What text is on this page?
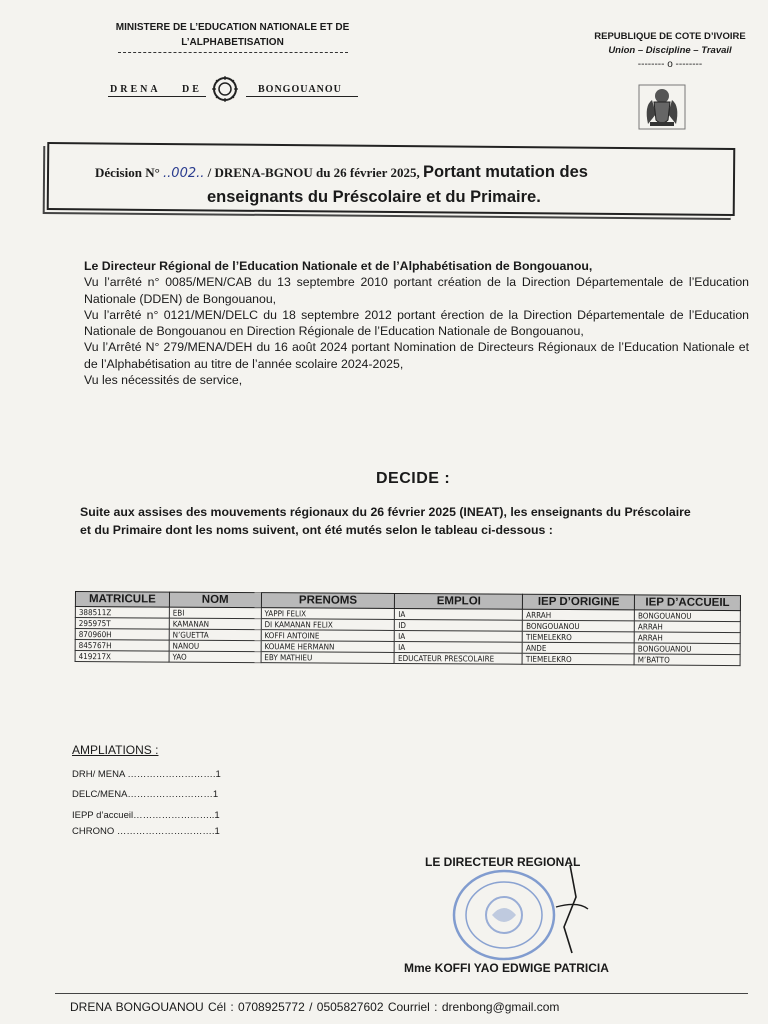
MINISTERE DE L’EDUCATION NATIONALE ET DE
L’ALPHABETISATION
DRENA DE	BONGOUANOU
REPUBLIQUE DE COTE D’IVOIRE
Union – Discipline – Travail
-------- o --------
Décision N° ..002.. / DRENA-BGNOU du 26 février 2025, Portant mutation des
enseignants du Préscolaire et du Primaire.

Le Directeur Régional de l’Education Nationale et de l’Alphabétisation de Bongouanou,

Vu l’arrêté n° 0085/MEN/CAB du 13 septembre 2010 portant création de la Direction Départementale de l’Education Nationale (DDEN) de Bongouanou,

Vu l’arrêté n° 0121/MEN/DELC du 18 septembre 2012 portant érection de la Direction Départementale de l’Education Nationale de Bongouanou en Direction Régionale de l’Education Nationale de Bongouanou,

Vu l’Arrêté N° 279/MENA/DEH du 16 août 2024 portant Nomination de Directeurs Régionaux de l’Education Nationale et de l’Alphabétisation au titre de l’année scolaire 2024-2025,

Vu les nécessités de service,

DECIDE :
Suite aux assises des mouvements régionaux du 26 février 2025 (INEAT), les enseignants du Préscolaire et du Primaire dont les noms suivent, ont été mutés selon le tableau ci-dessous :
MATRICULE	NOM	PRENOMS	EMPLOI	IEP D’ORIGINE	IEP D’ACCUEIL
388511Z	EBI	YAPPI FELIX	IA	ARRAH	BONGOUANOU
295975T	KAMANAN	DI KAMANAN FELIX	ID	BONGOUANOU	ARRAH
870960H	N’GUETTA	KOFFI ANTOINE	IA	TIEMELEKRO	ARRAH
845767H	NANOU	KOUAME HERMANN	IA	ANDE	BONGOUANOU
419217X	YAO	EBY MATHIEU	EDUCATEUR PRESCOLAIRE	TIEMELEKRO	M’BATTO
AMPLIATIONS :
DRH/ MENA ……………………….1
DELC/MENA………………………1
IEPP d’accueil……………………..1
CHRONO ………………………….1
LE DIRECTEUR REGIONAL
Mme KOFFI YAO EDWIGE PATRICIA
DRENA BONGOUANOU Cél : 0708925772 / 0505827602 Courriel : drenbong@gmail.com
